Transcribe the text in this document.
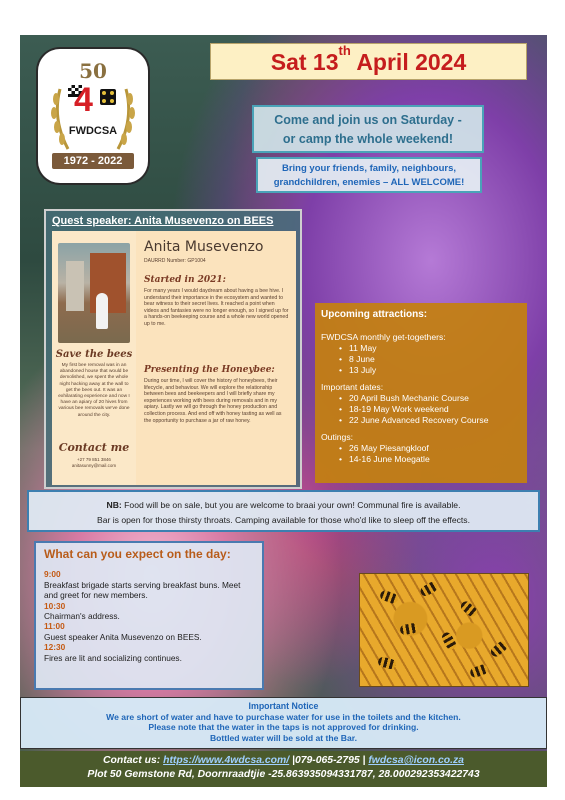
50
4
FWDCSA
1972 - 2022
Sat 13th April 2024
Come and join us on Saturday -
or camp the whole weekend!
Bring your friends, family, neighbours,
grandchildren, enemies – ALL WELCOME!
Quest speaker: Anita Musevenzo on BEES
Save the bees
My first bee removal was in an abandoned house that would be demolished, we spent the whole night hacking away at the wall to get the bees out. It was an exhilarating experience and now I have an apiary of 20 hives from various bee removals we've done around the city.
Contact me
+27 79 851 3846 anitasunny@mail.com
Anita Musevenzo
DAURRD Number: GP1004
Started in 2021:
For many years I would daydream about having a bee hive. I understand their importance in the ecosystem and wanted to bear witness to their secret lives. It reached a point when videos and fantasies were no longer enough, so I signed up for a hands-on beekeeping course and a whole new world opened up to me.
Presenting the Honeybee:
During our time, I will cover the history of honeybees, their lifecycle, and behaviour. We will explore the relationship between bees and beekeepers and I will briefly share my experiences working with bees during removals and in my apiary. Lastly we will go through the honey production and collection process. And end off with honey tasting as well as the opportunity to purchase a jar of raw honey.
Upcoming attractions:
FWDCSA monthly get-togethers:
• 11 May
• 8 June
• 13 July
Important dates:
• 20 April Bush Mechanic Course
• 18-19 May Work weekend
• 22 June Advanced Recovery Course
Outings:
• 26 May Piesangkloof
• 14-16 June Moegatle
NB: Food will be on sale, but you are welcome to braai your own! Communal fire is available.
Bar is open for those thirsty throats. Camping available for those who'd like to sleep off the effects.
What can you expect on the day:
9:00
Breakfast brigade starts serving breakfast buns. Meet and greet for new members.
10:30
Chairman's address.
11:00
Guest speaker Anita Musevenzo on BEES.
12:30
Fires are lit and socializing continues.
Important Notice
We are short of water and have to purchase water for use in the toilets and the kitchen.
Please note that the water in the taps is not approved for drinking.
Bottled water will be sold at the Bar.
Contact us: https://www.4wdcsa.com/ |079-065-2795 | fwdcsa@icon.co.za
Plot 50 Gemstone Rd, Doornraadtjie -25.863935094331787, 28.000292353422743
